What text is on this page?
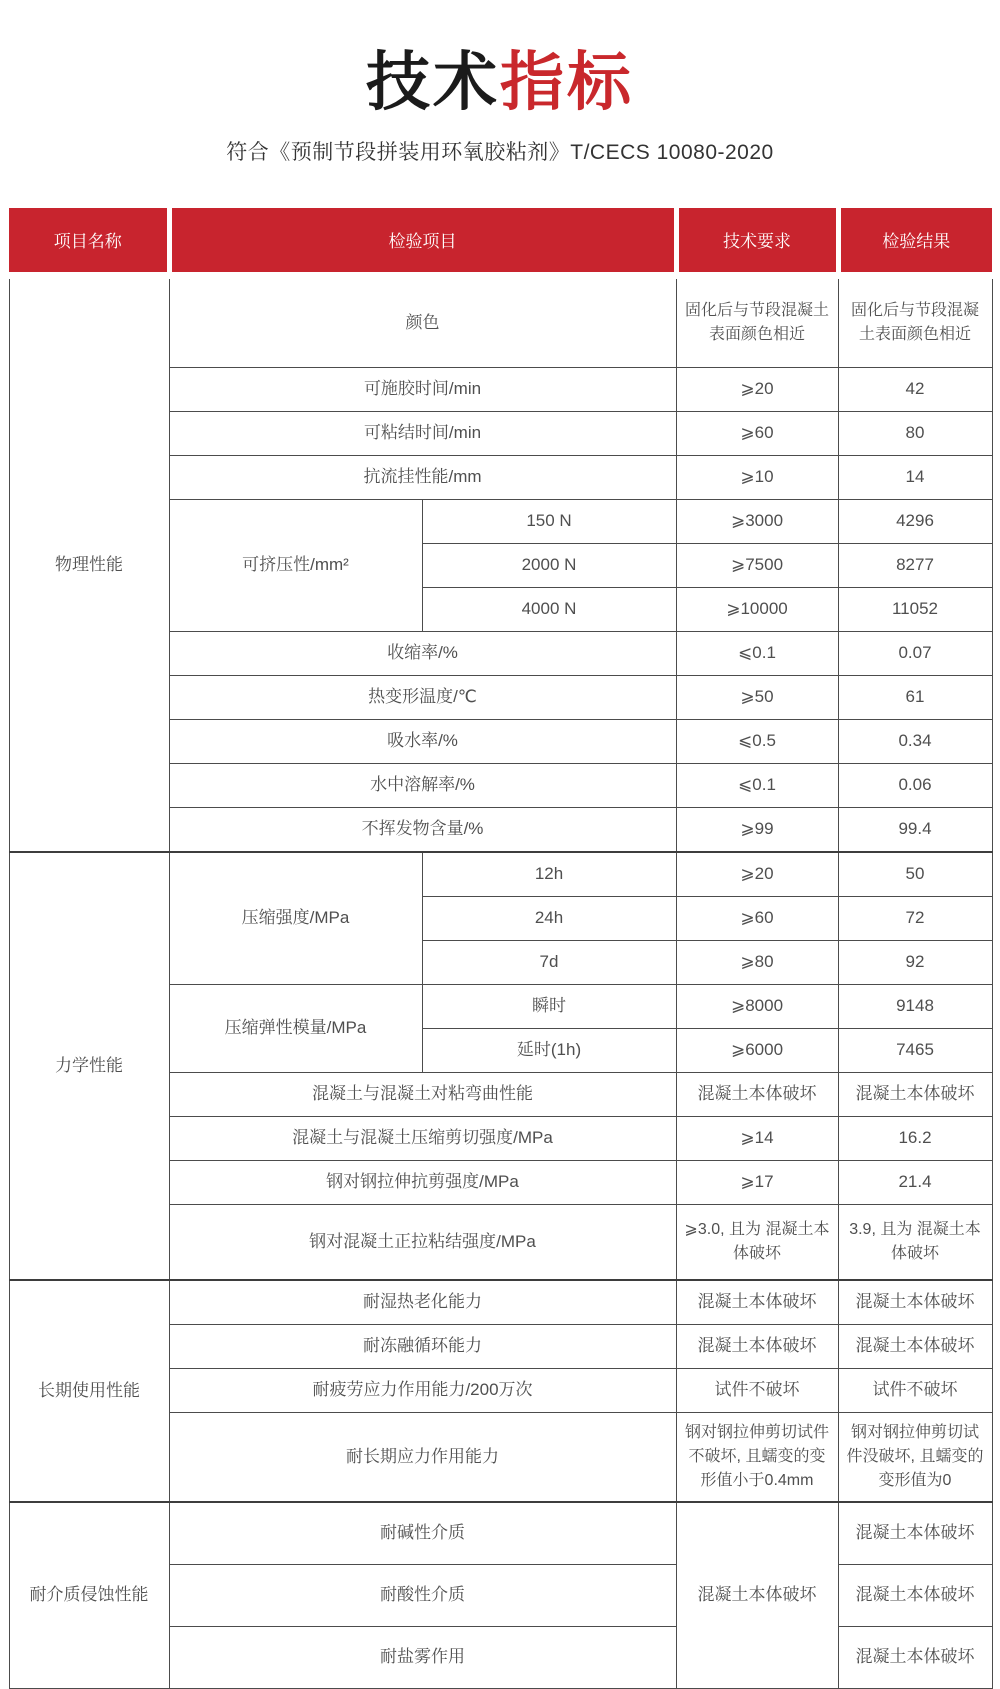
技术指标
符合《预制节段拼装用环氧胶粘剂》T/CECS 10080-2020
项目名称	检验项目		技术要求	检验结果
物理性能	颜色		固化后与节段混凝土表面颜色相近	固化后与节段混凝土表面颜色相近
	可施胶时间/min		⩾20	42
	可粘结时间/min		⩾60	80
	抗流挂性能/mm		⩾10	14
	可挤压性/mm²	150 N	⩾3000	4296
		2000 N	⩾7500	8277
		4000 N	⩾10000	11052
	收缩率/%		⩽0.1	0.07
	热变形温度/℃		⩾50	61
	吸水率/%		⩽0.5	0.34
	水中溶解率/%		⩽0.1	0.06
	不挥发物含量/%		⩾99	99.4
力学性能	压缩强度/MPa	12h	⩾20	50
		24h	⩾60	72
		7d	⩾80	92
	压缩弹性模量/MPa	瞬时	⩾8000	9148
		延时(1h)	⩾6000	7465
	混凝土与混凝土对粘弯曲性能		混凝土本体破坏	混凝土本体破坏
	混凝土与混凝土压缩剪切强度/MPa		⩾14	16.2
	钢对钢拉伸抗剪强度/MPa		⩾17	21.4
	钢对混凝土正拉粘结强度/MPa		⩾3.0, 且为 混凝土本体破坏	3.9, 且为 混凝土本体破坏
长期使用性能	耐湿热老化能力		混凝土本体破坏	混凝土本体破坏
	耐冻融循环能力		混凝土本体破坏	混凝土本体破坏
	耐疲劳应力作用能力/200万次		试件不破坏	试件不破坏
	耐长期应力作用能力		钢对钢拉伸剪切试件不破坏, 且蠕变的变形值小于0.4mm	钢对钢拉伸剪切试件没破坏, 且蠕变的变形值为0
耐介质侵蚀性能	耐碱性介质		混凝土本体破坏	混凝土本体破坏
	耐酸性介质			混凝土本体破坏
	耐盐雾作用			混凝土本体破坏
